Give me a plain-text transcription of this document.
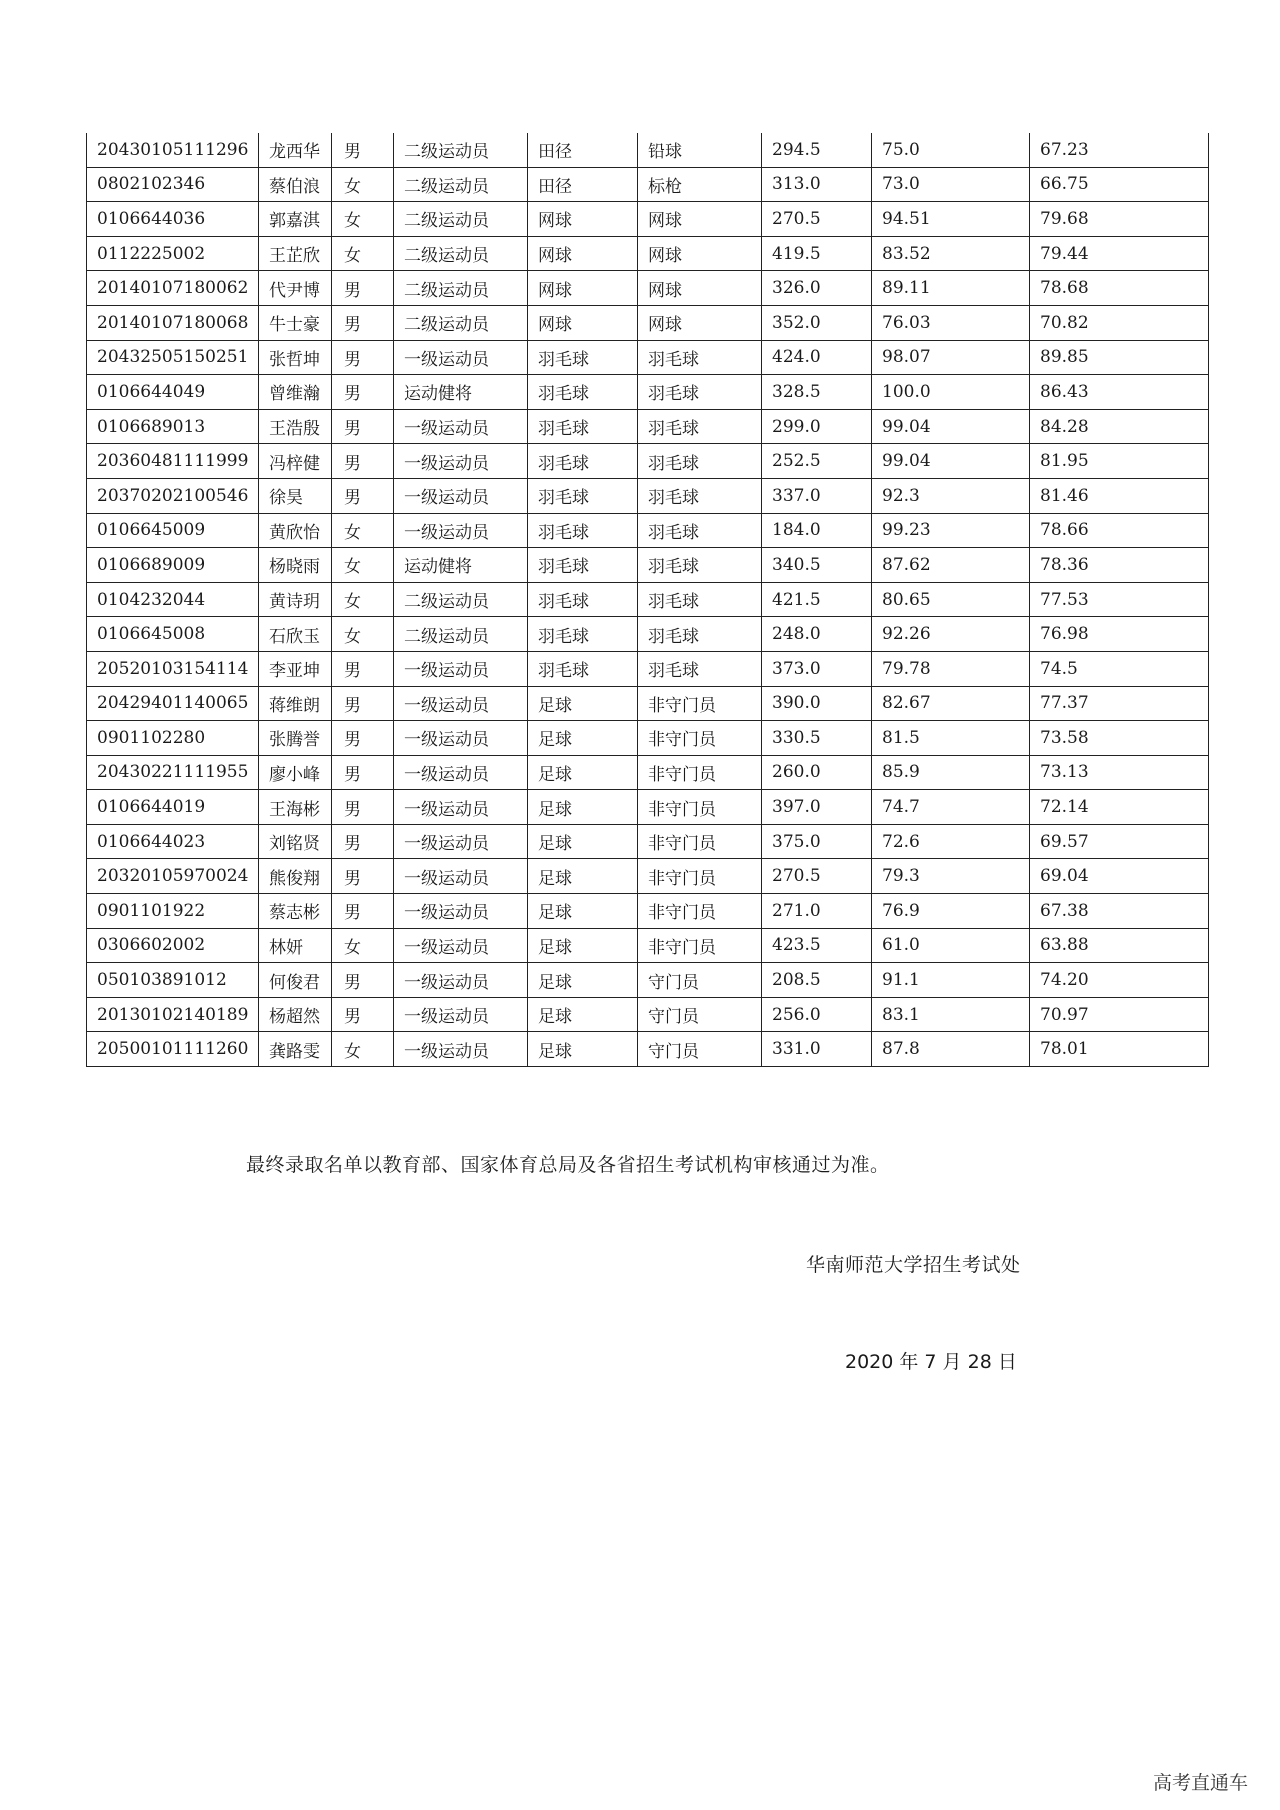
20430105111296	龙西华	男	二级运动员	田径	铅球	294.5	75.0	67.23
0802102346	蔡伯浪	女	二级运动员	田径	标枪	313.0	73.0	66.75
0106644036	郭嘉淇	女	二级运动员	网球	网球	270.5	94.51	79.68
0112225002	王芷欣	女	二级运动员	网球	网球	419.5	83.52	79.44
20140107180062	代尹博	男	二级运动员	网球	网球	326.0	89.11	78.68
20140107180068	牛士豪	男	二级运动员	网球	网球	352.0	76.03	70.82
20432505150251	张哲坤	男	一级运动员	羽毛球	羽毛球	424.0	98.07	89.85
0106644049	曾维瀚	男	运动健将	羽毛球	羽毛球	328.5	100.0	86.43
0106689013	王浩殷	男	一级运动员	羽毛球	羽毛球	299.0	99.04	84.28
20360481111999	冯梓健	男	一级运动员	羽毛球	羽毛球	252.5	99.04	81.95
20370202100546	徐昊	男	一级运动员	羽毛球	羽毛球	337.0	92.3	81.46
0106645009	黄欣怡	女	一级运动员	羽毛球	羽毛球	184.0	99.23	78.66
0106689009	杨晓雨	女	运动健将	羽毛球	羽毛球	340.5	87.62	78.36
0104232044	黄诗玥	女	二级运动员	羽毛球	羽毛球	421.5	80.65	77.53
0106645008	石欣玉	女	二级运动员	羽毛球	羽毛球	248.0	92.26	76.98
20520103154114	李亚坤	男	一级运动员	羽毛球	羽毛球	373.0	79.78	74.5
20429401140065	蒋维朗	男	一级运动员	足球	非守门员	390.0	82.67	77.37
0901102280	张腾誉	男	一级运动员	足球	非守门员	330.5	81.5	73.58
20430221111955	廖小峰	男	一级运动员	足球	非守门员	260.0	85.9	73.13
0106644019	王海彬	男	一级运动员	足球	非守门员	397.0	74.7	72.14
0106644023	刘铭贤	男	一级运动员	足球	非守门员	375.0	72.6	69.57
20320105970024	熊俊翔	男	一级运动员	足球	非守门员	270.5	79.3	69.04
0901101922	蔡志彬	男	一级运动员	足球	非守门员	271.0	76.9	67.38
0306602002	林妍	女	一级运动员	足球	非守门员	423.5	61.0	63.88
050103891012	何俊君	男	一级运动员	足球	守门员	208.5	91.1	74.20
20130102140189	杨超然	男	一级运动员	足球	守门员	256.0	83.1	70.97
20500101111260	龚路雯	女	一级运动员	足球	守门员	331.0	87.8	78.01
最终录取名单以教育部、国家体育总局及各省招生考试机构审核通过为准。
华南师范大学招生考试处
2020 年 7 月 28 日
高考直通车
